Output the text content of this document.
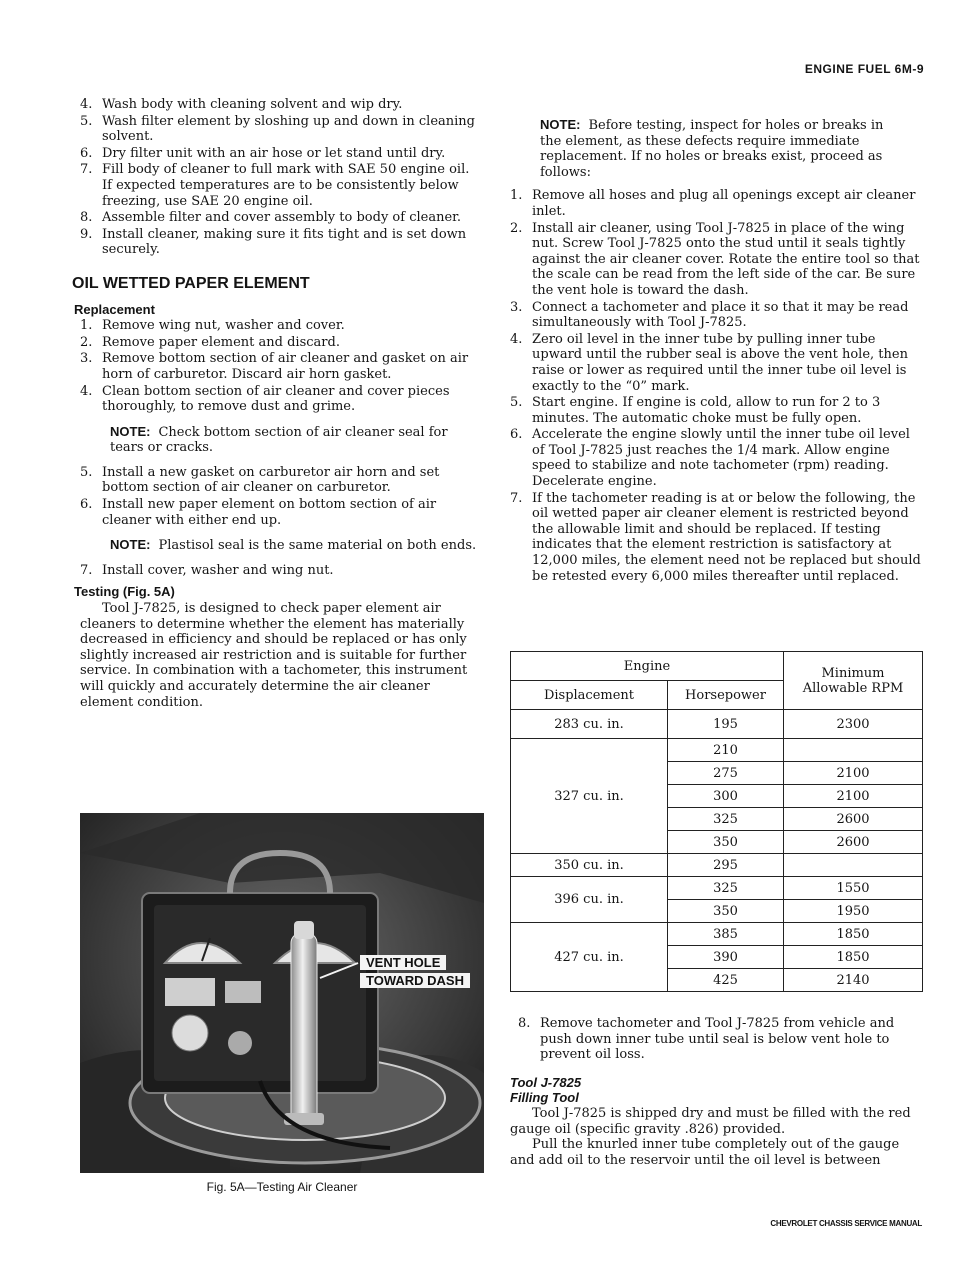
ENGINE FUEL 6M-9
4. Wash body with cleaning solvent and wip dry.
5. Wash filter element by sloshing up and down in cleaning solvent.
6. Dry filter unit with an air hose or let stand until dry.
7. Fill body of cleaner to full mark with SAE 50 engine oil. If expected temperatures are to be consistently below freezing, use SAE 20 engine oil.
8. Assemble filter and cover assembly to body of cleaner.
9. Install cleaner, making sure it fits tight and is set down securely.
OIL WETTED PAPER ELEMENT
Replacement
1. Remove wing nut, washer and cover.
2. Remove paper element and discard.
3. Remove bottom section of air cleaner and gasket on air horn of carburetor. Discard air horn gasket.
4. Clean bottom section of air cleaner and cover pieces thoroughly, to remove dust and grime.
NOTE: Check bottom section of air cleaner seal for tears or cracks.
5. Install a new gasket on carburetor air horn and set bottom section of air cleaner on carburetor.
6. Install new paper element on bottom section of air cleaner with either end up.
NOTE: Plastisol seal is the same material on both ends.
7. Install cover, washer and wing nut.
Testing (Fig. 5A)

Tool J-7825, is designed to check paper element air cleaners to determine whether the element has materially decreased in efficiency and should be replaced or has only slightly increased air restriction and is suitable for further service. In combination with a tachometer, this instrument will quickly and accurately determine the air cleaner element condition.

VENT HOLE
TOWARD DASH
Fig. 5A—Testing Air Cleaner
NOTE: Before testing, inspect for holes or breaks in the element, as these defects require immediate replacement. If no holes or breaks exist, proceed as follows:
1. Remove all hoses and plug all openings except air cleaner inlet.
2. Install air cleaner, using Tool J-7825 in place of the wing nut. Screw Tool J-7825 onto the stud until it seals tightly against the air cleaner cover. Rotate the entire tool so that the scale can be read from the left side of the car. Be sure the vent hole is toward the dash.
3. Connect a tachometer and place it so that it may be read simultaneously with Tool J-7825.
4. Zero oil level in the inner tube by pulling inner tube upward until the rubber seal is above the vent hole, then raise or lower as required until the inner tube oil level is exactly to the “0” mark.
5. Start engine. If engine is cold, allow to run for 2 to 3 minutes. The automatic choke must be fully open.
6. Accelerate the engine slowly until the inner tube oil level of Tool J-7825 just reaches the 1/4 mark. Allow engine speed to stabilize and note tachometer (rpm) reading. Decelerate engine.
7. If the tachometer reading is at or below the following, the oil wetted paper air cleaner element is restricted beyond the allowable limit and should be replaced. If testing indicates that the element restriction is satisfactory at 12,000 miles, the element need not be replaced but should be retested every 6,000 miles thereafter until replaced.
Engine		Minimum Allowable RPM
Displacement	Horsepower	
283 cu. in.	195	2300
327 cu. in.	210	
	275	2100
	300	2100
	325	2600
	350	2600
350 cu. in.	295	
396 cu. in.	325	1550
	350	1950
427 cu. in.	385	1850
	390	1850
	425	2140
8. Remove tachometer and Tool J-7825 from vehicle and push down inner tube until seal is below vent hole to prevent oil loss.
Tool J-7825
Filling Tool

Tool J-7825 is shipped dry and must be filled with the red gauge oil (specific gravity .826) provided.

Pull the knurled inner tube completely out of the gauge and add oil to the reservoir until the oil level is between

CHEVROLET CHASSIS SERVICE MANUAL
